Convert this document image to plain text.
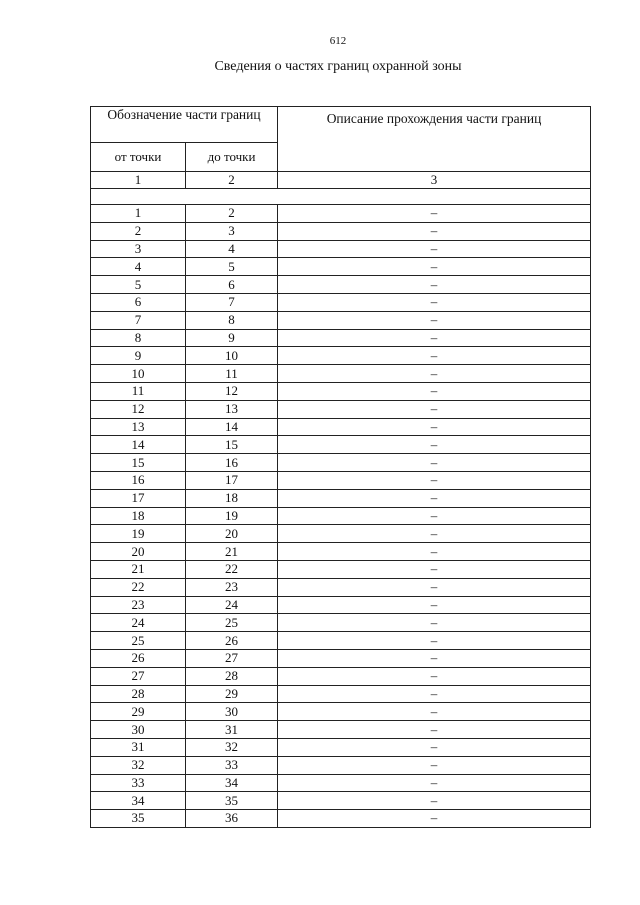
612
Сведения о частях границ охранной зоны
Обозначение части границ		Описание прохождения части границ
от точки	до точки	
1	2	3

1	2	–
2	3	–
3	4	–
4	5	–
5	6	–
6	7	–
7	8	–
8	9	–
9	10	–
10	11	–
11	12	–
12	13	–
13	14	–
14	15	–
15	16	–
16	17	–
17	18	–
18	19	–
19	20	–
20	21	–
21	22	–
22	23	–
23	24	–
24	25	–
25	26	–
26	27	–
27	28	–
28	29	–
29	30	–
30	31	–
31	32	–
32	33	–
33	34	–
34	35	–
35	36	–
